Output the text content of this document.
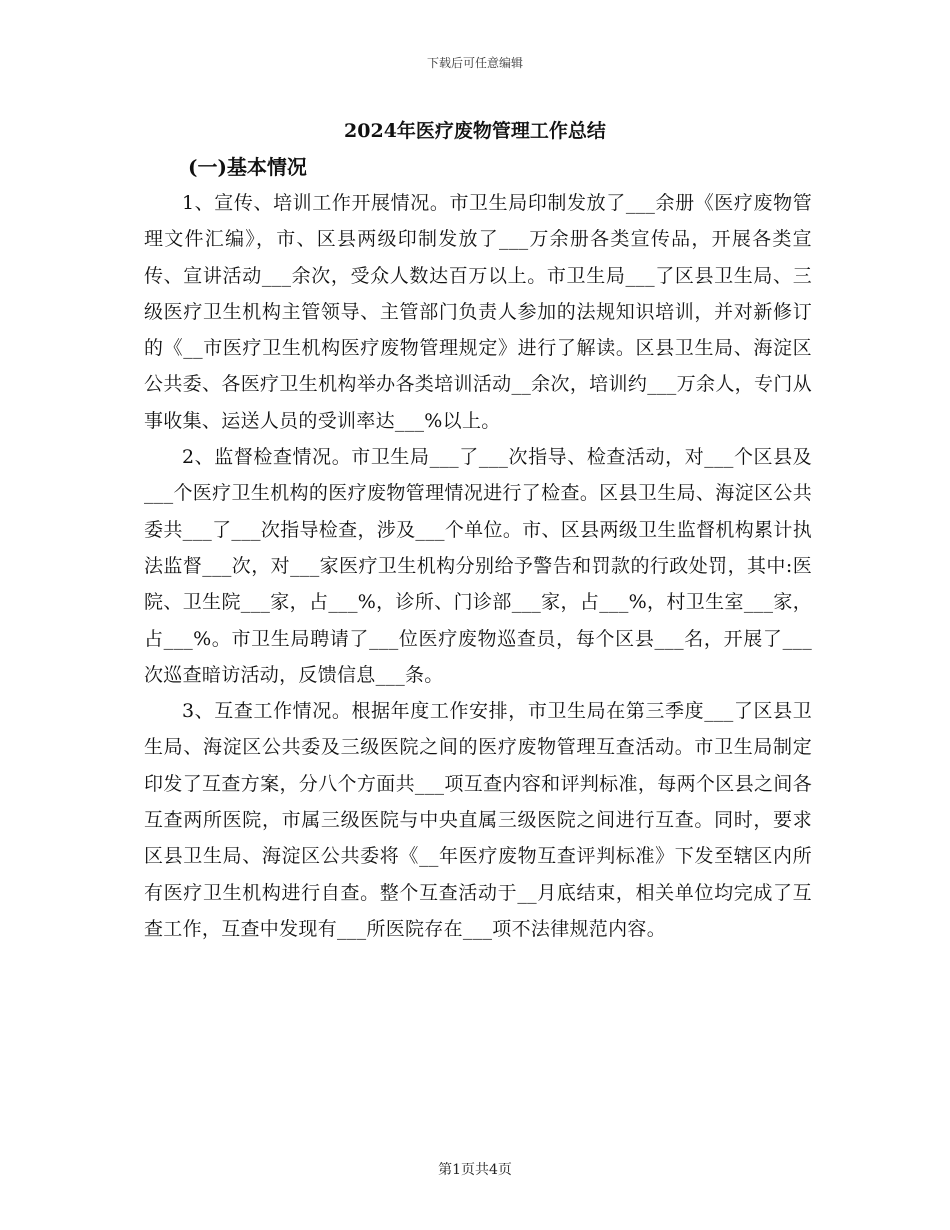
下载后可任意编辑
2024年医疗废物管理工作总结
(一)基本情况

1、宣传、培训工作开展情况。市卫生局印制发放了___余册《医疗废物管理文件汇编》，市、区县两级印制发放了___万余册各类宣传品，开展各类宣传、宣讲活动___余次，受众人数达百万以上。市卫生局___了区县卫生局、三级医疗卫生机构主管领导、主管部门负责人参加的法规知识培训，并对新修订的《__市医疗卫生机构医疗废物管理规定》进行了解读。区县卫生局、海淀区公共委、各医疗卫生机构举办各类培训活动__余次，培训约___万余人，专门从事收集、运送人员的受训率达___%以上。

2、监督检查情况。市卫生局___了___次指导、检查活动，对___个区县及___个医疗卫生机构的医疗废物管理情况进行了检查。区县卫生局、海淀区公共委共___了___次指导检查，涉及___个单位。市、区县两级卫生监督机构累计执法监督___次，对___家医疗卫生机构分别给予警告和罚款的行政处罚，其中:医院、卫生院___家，占___%，诊所、门诊部___家，占___%，村卫生室___家，占___%。市卫生局聘请了___位医疗废物巡查员，每个区县___名，开展了___次巡查暗访活动，反馈信息___条。

3、互查工作情况。根据年度工作安排，市卫生局在第三季度___了区县卫生局、海淀区公共委及三级医院之间的医疗废物管理互查活动。市卫生局制定印发了互查方案，分八个方面共___项互查内容和评判标准，每两个区县之间各互查两所医院，市属三级医院与中央直属三级医院之间进行互查。同时，要求区县卫生局、海淀区公共委将《__年医疗废物互查评判标准》下发至辖区内所有医疗卫生机构进行自查。整个互查活动于__月底结束，相关单位均完成了互查工作，互查中发现有___所医院存在___项不法律规范内容。

第1页共4页
